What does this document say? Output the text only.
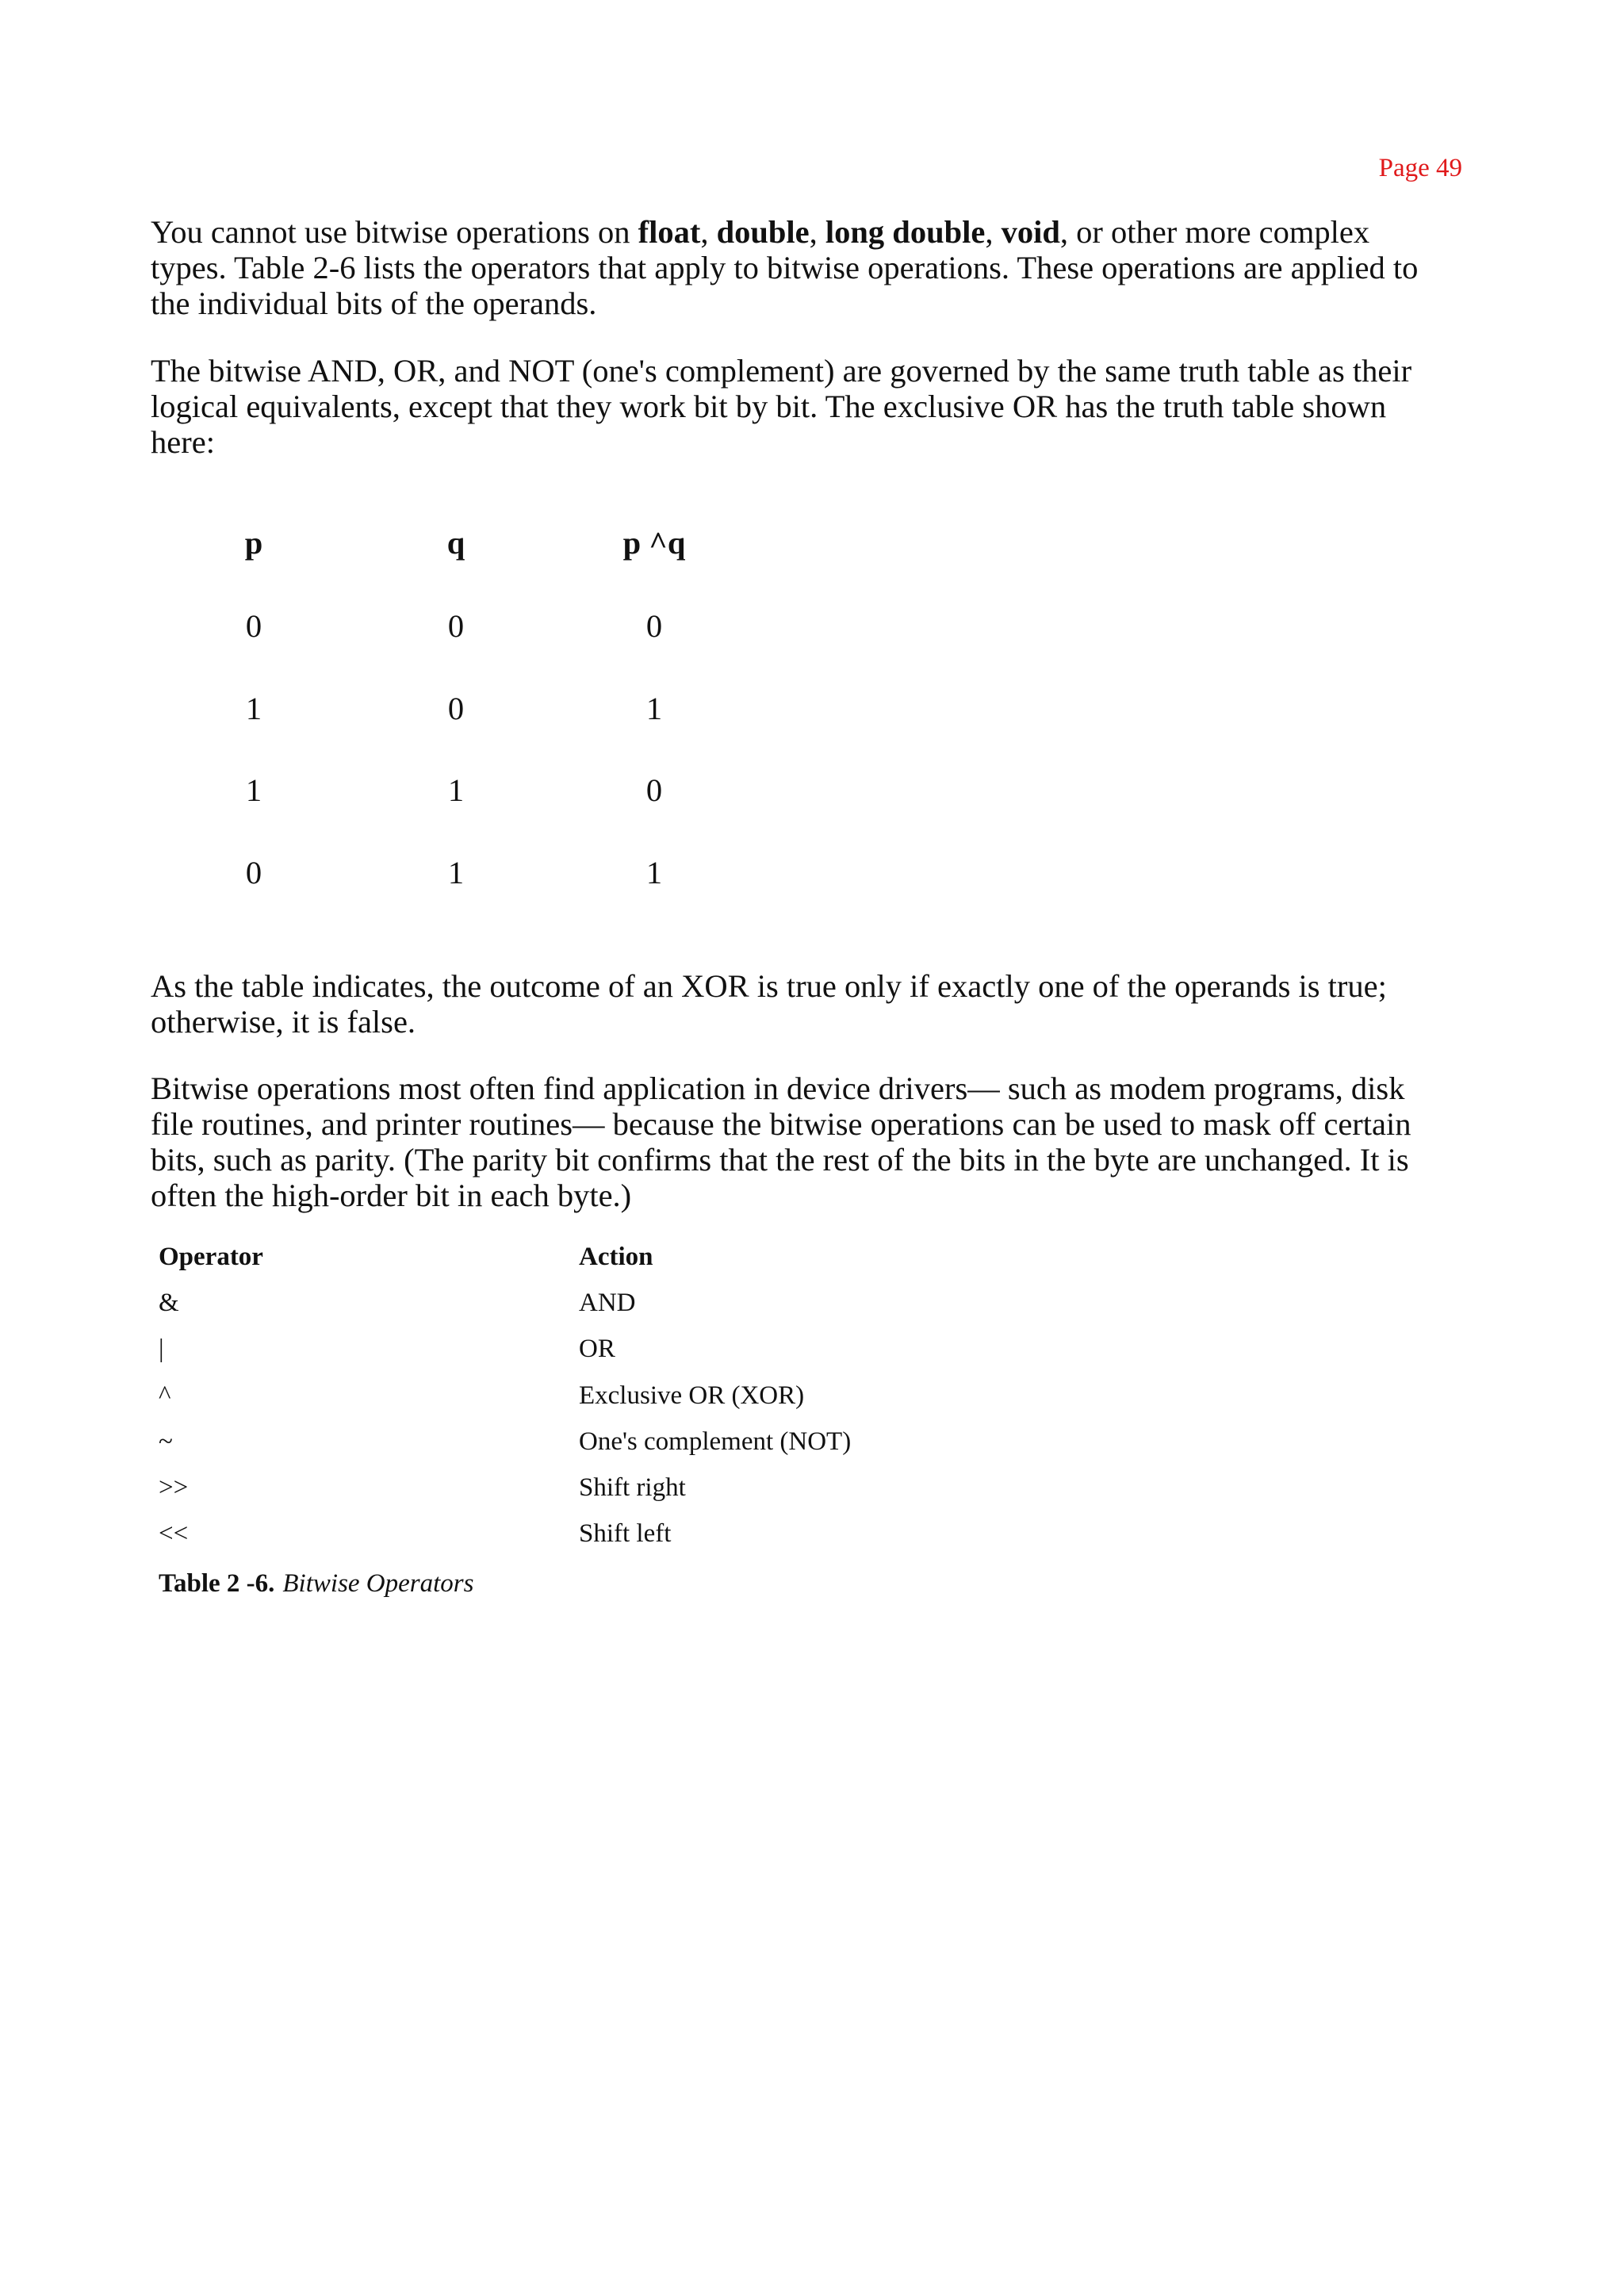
Page 49

You cannot use bitwise operations on float, double, long double, void, or other more complex types. Table 2-6 lists the operators that apply to bitwise operations. These operations are applied to the individual bits of the operands.

The bitwise AND, OR, and NOT (one's complement) are governed by the same truth table as their logical equivalents, except that they work bit by bit. The exclusive OR has the truth table shown here:

p	q	p ^q
0	0	0
1	0	1
1	1	0
0	1	1

As the table indicates, the outcome of an XOR is true only if exactly one of the operands is true; otherwise, it is false.

Bitwise operations most often find application in device drivers— such as modem programs, disk file routines, and printer routines— because the bitwise operations can be used to mask off certain bits, such as parity. (The parity bit confirms that the rest of the bits in the byte are unchanged. It is often the high-order bit in each byte.)

Operator	Action
&	AND
|	OR
^	Exclusive OR (XOR)
~	One's complement (NOT)
>>	Shift right
<<	Shift left
Table 2 -6. Bitwise Operators
